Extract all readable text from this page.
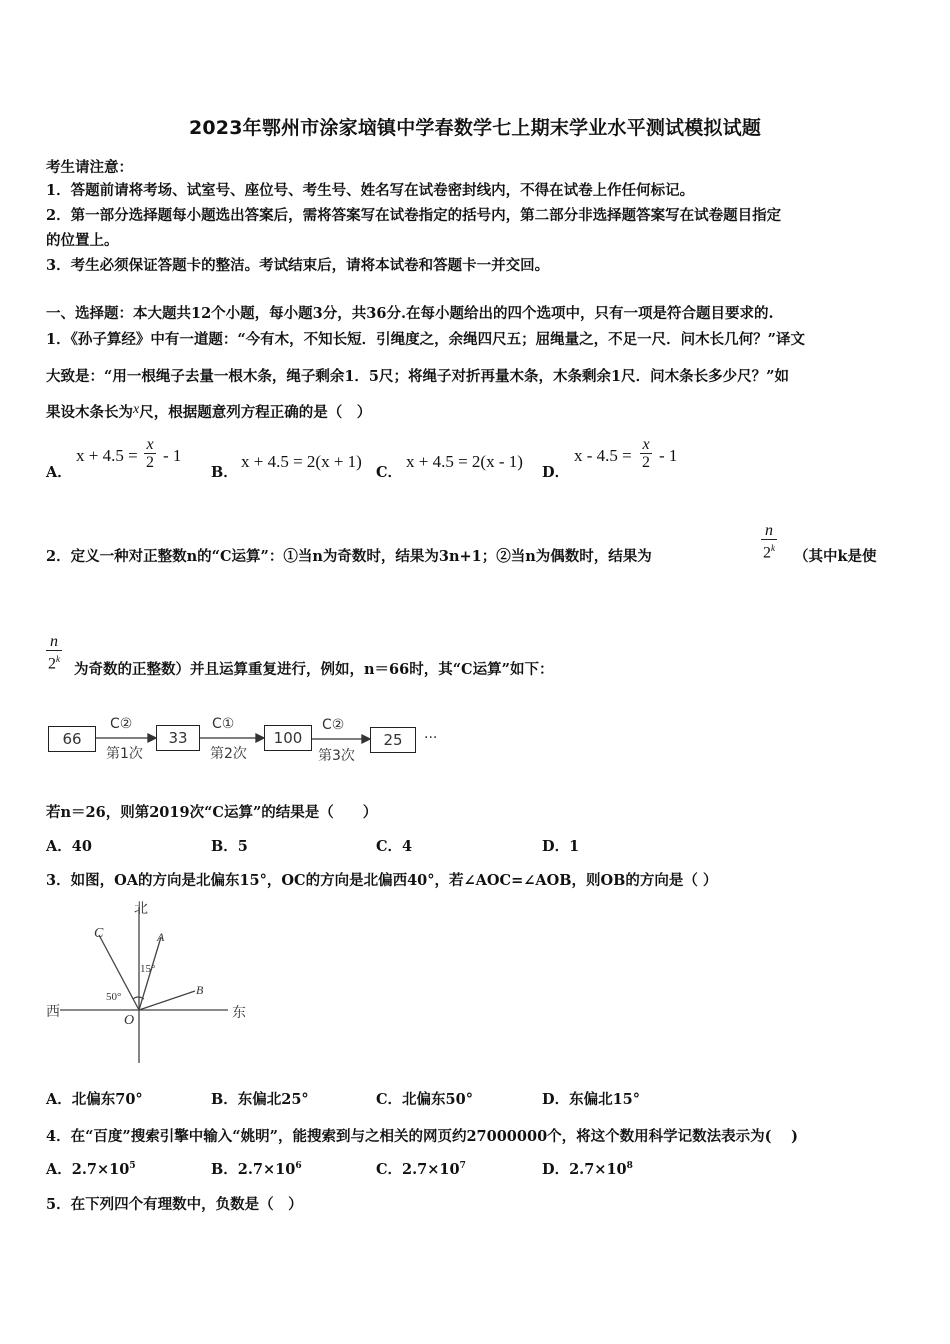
2023年鄂州市涂家垴镇中学春数学七上期末学业水平测试模拟试题
考生请注意：
1．答题前请将考场、试室号、座位号、考生号、姓名写在试卷密封线内，不得在试卷上作任何标记。
2．第一部分选择题每小题选出答案后，需将答案写在试卷指定的括号内，第二部分非选择题答案写在试卷题目指定
的位置上。
3．考生必须保证答题卡的整洁。考试结束后，请将本试卷和答题卡一并交回。
一、选择题：本大题共12个小题，每小题3分，共36分.在每小题给出的四个选项中，只有一项是符合题目要求的.
1．《孙子算经》中有一道题：“今有木，不知长短．引绳度之，余绳四尺五；屈绳量之，不足一尺．问木长几何？”译文
大致是：“用一根绳子去量一根木条，绳子剩余1．5尺；将绳子对折再量木条，木条剩余1尺．问木条长多少尺？”如
果设木条长为x尺，根据题意列方程正确的是（　）
A．
$x + 4.5 = \frac{x}{2} - 1$
B．
x + 4.5 = 2(x + 1)
C．
x + 4.5 = 2(x - 1)
D．
$x - 4.5 = \frac{x}{2} - 1$
2．定义一种对正整数n的“C运算”：①当n为奇数时，结果为3n+1；②当n为偶数时，结果为	$\frac{n}{2^k}$ （其中k是使
$\frac{n}{2^k}$ 为奇数的正整数）并且运算重复进行，例如，n＝66时，其“C运算”如下：
66	33	100	25
C②	C①	C②
第1次	第2次	第3次
···
若n＝26，则第2019次“C运算”的结果是（　　）
A．40	B．5	C．4	D．1
3．如图，OA的方向是北偏东15°，OC的方向是北偏西40°，若∠AOC=∠AOB，则OB的方向是（ ）
北
西	东
C	A
B
O
15°
50°
A．北偏东70°	B．东偏北25°	C．北偏东50°	D．东偏北15°
4．在“百度”搜索引擎中输入“姚明”，能搜索到与之相关的网页约27000000个，将这个数用科学记数法表示为(　 )
A．$2.7\times 10^5$	B．$2.7\times 10^6$	C．$2.7\times 10^7$	D．$2.7\times 10^8$
5．在下列四个有理数中，负数是（　）
